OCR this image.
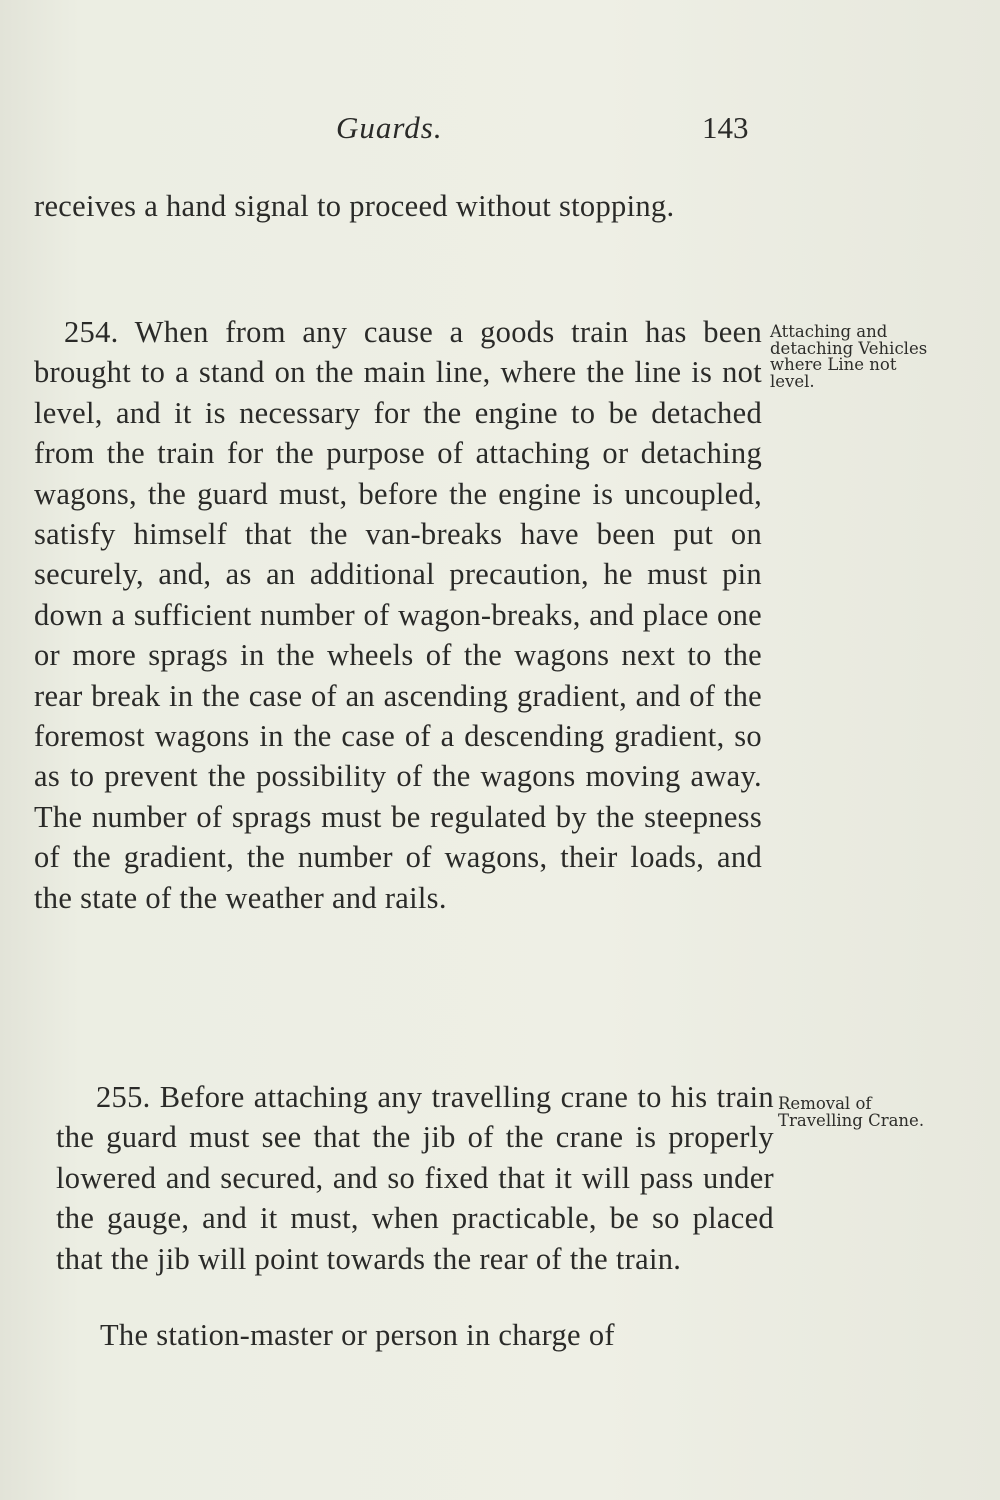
Guards.	143

receives a hand signal to proceed without stopping.

254. When from any cause a goods train has been brought to a stand on the main line, where the line is not level, and it is necessary for the engine to be detached from the train for the purpose of attaching or detaching wagons, the guard must, before the engine is uncoupled, satisfy himself that the van-breaks have been put on securely, and, as an additional precaution, he must pin down a sufficient number of wagon-breaks, and place one or more sprags in the wheels of the wagons next to the rear break in the case of an ascending gradient, and of the foremost wagons in the case of a descending gradient, so as to prevent the possibility of the wagons moving away. The number of sprags must be regulated by the steepness of the gradient, the number of wagons, their loads, and the state of the weather and rails.

Attaching and detaching Vehicles where Line not level.

255. Before attaching any travelling crane to his train the guard must see that the jib of the crane is properly lowered and secured, and so fixed that it will pass under the gauge, and it must, when practicable, be so placed that the jib will point towards the rear of the train.

Removal of Travelling Crane.

The station-master or person in charge of
